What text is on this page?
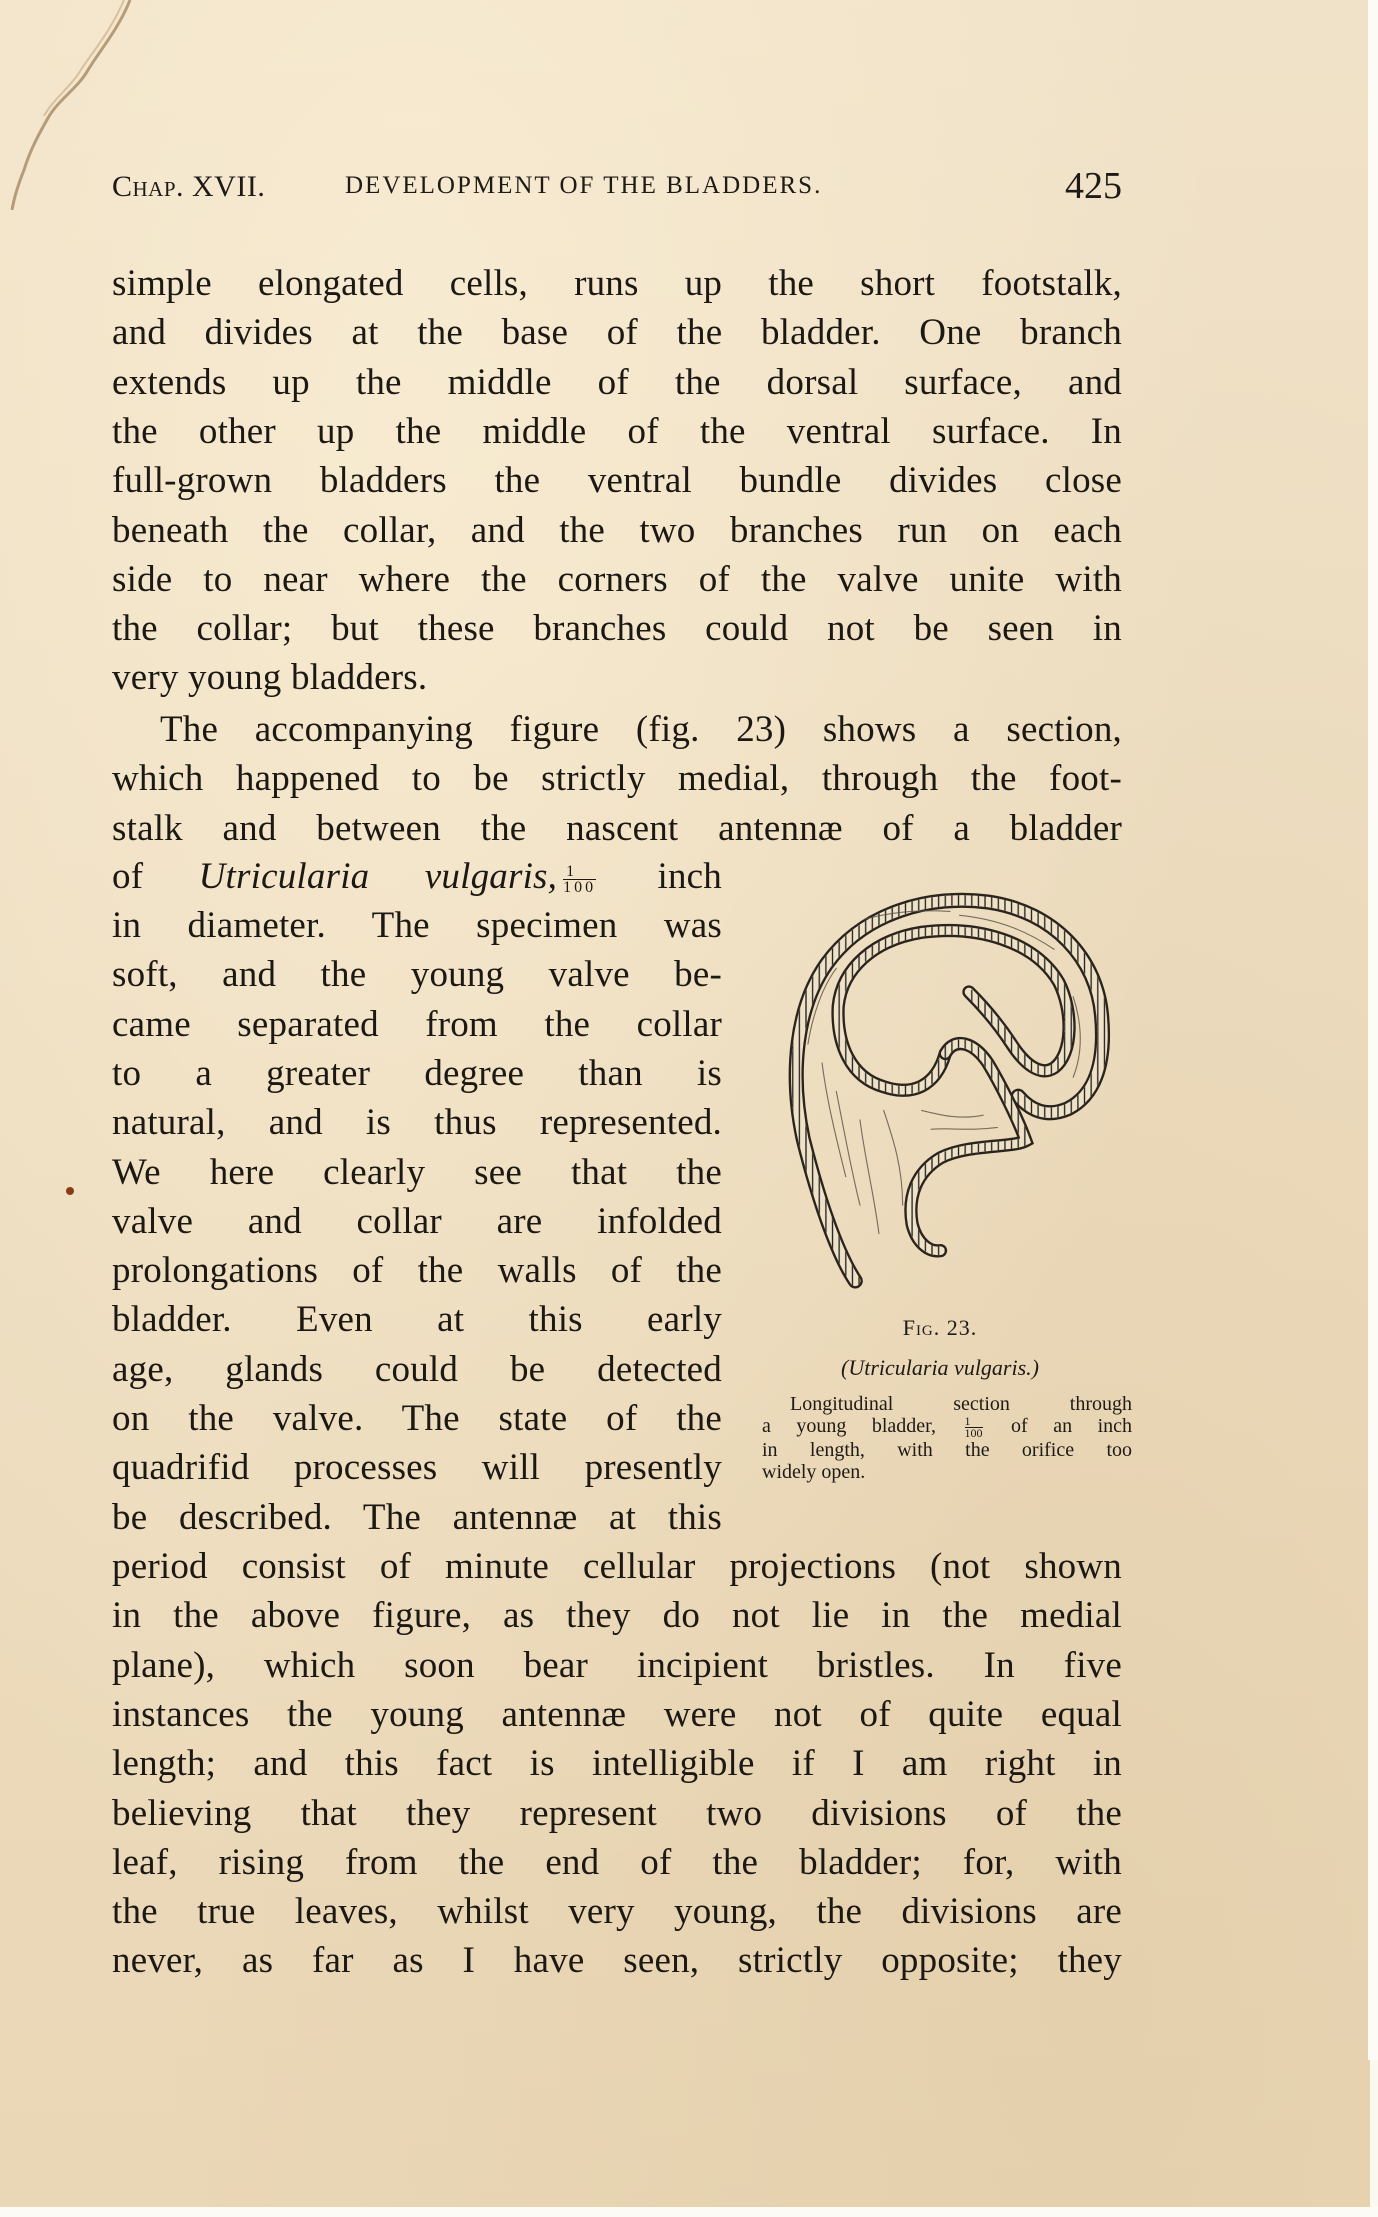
Chap. XVII.	DEVELOPMENT OF THE BLADDERS.	425
simple elongated cells, runs up the short footstalk,
and divides at the base of the bladder. One branch
extends up the middle of the dorsal surface, and
the other up the middle of the ventral surface. In
full-grown bladders the ventral bundle divides close
beneath the collar, and the two branches run on each
side to near where the corners of the valve unite with
the collar; but these branches could not be seen in
very young bladders.
The accompanying figure (fig. 23) shows a section,
which happened to be strictly medial, through the foot-
stalk and between the nascent antennæ of a bladder
of Utricularia vulgaris, $\frac{1}{100}$ inch
in diameter. The specimen was
soft, and the young valve be-
came separated from the collar
to a greater degree than is
natural, and is thus represented.
We here clearly see that the
valve and collar are infolded
prolongations of the walls of the
bladder. Even at this early
age, glands could be detected
on the valve. The state of the
quadrifid processes will presently
be described. The antennæ at this
period consist of minute cellular projections (not shown
in the above figure, as they do not lie in the medial
plane), which soon bear incipient bristles. In five
instances the young antennæ were not of quite equal
length; and this fact is intelligible if I am right in
believing that they represent two divisions of the
leaf, rising from the end of the bladder; for, with
the true leaves, whilst very young, the divisions are
never, as far as I have seen, strictly opposite; they
Fig. 23.
(Utricularia vulgaris.)
Longitudinal section through
a young bladder, $\frac{1}{100}$ of an inch
in length, with the orifice too
widely open.
